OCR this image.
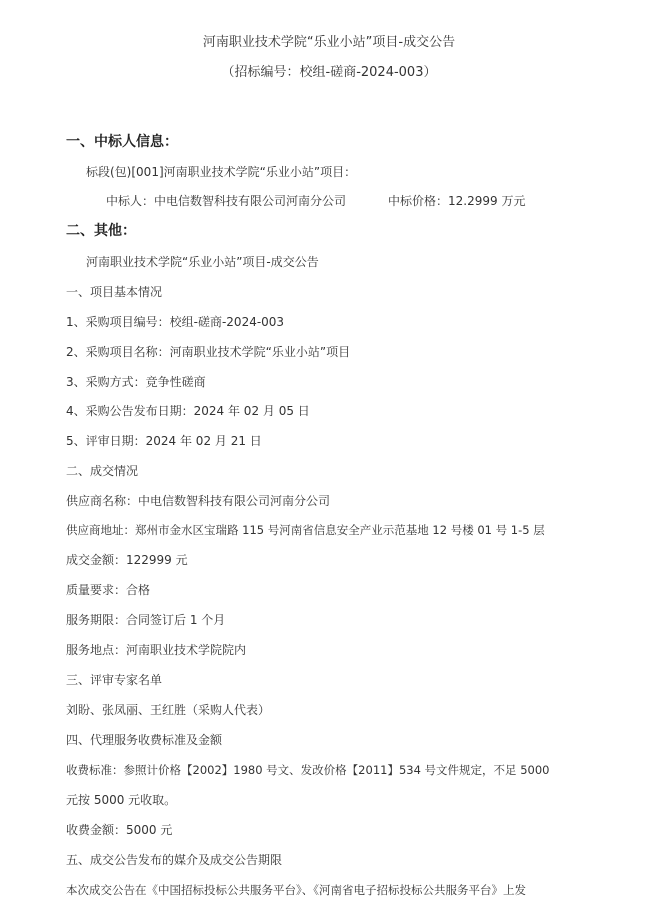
河南职业技术学院“乐业小站”项目-成交公告
（招标编号：校组-磋商-2024-003）
一、中标人信息：
标段(包)[001]河南职业技术学院“乐业小站”项目：
中标人：中电信数智科技有限公司河南分公司	中标价格：12.2999 万元
二、其他：
河南职业技术学院“乐业小站”项目-成交公告
一、项目基本情况
1、采购项目编号：校组-磋商-2024-003
2、采购项目名称：河南职业技术学院“乐业小站”项目
3、采购方式：竞争性磋商
4、采购公告发布日期：2024 年 02 月 05 日
5、评审日期：2024 年 02 月 21 日
二、成交情况
供应商名称：中电信数智科技有限公司河南分公司
供应商地址：郑州市金水区宝瑞路 115 号河南省信息安全产业示范基地 12 号楼 01 号 1-5 层
成交金额：122999 元
质量要求：合格
服务期限：合同签订后 1 个月
服务地点：河南职业技术学院院内
三、评审专家名单
刘盼、张凤丽、王红胜（采购人代表）
四、代理服务收费标准及金额
收费标准：参照计价格【2002】1980 号文、发改价格【2011】534 号文件规定，不足 5000
元按 5000 元收取。
收费金额：5000 元
五、成交公告发布的媒介及成交公告期限
本次成交公告在《中国招标投标公共服务平台》、《河南省电子招标投标公共服务平台》上发
